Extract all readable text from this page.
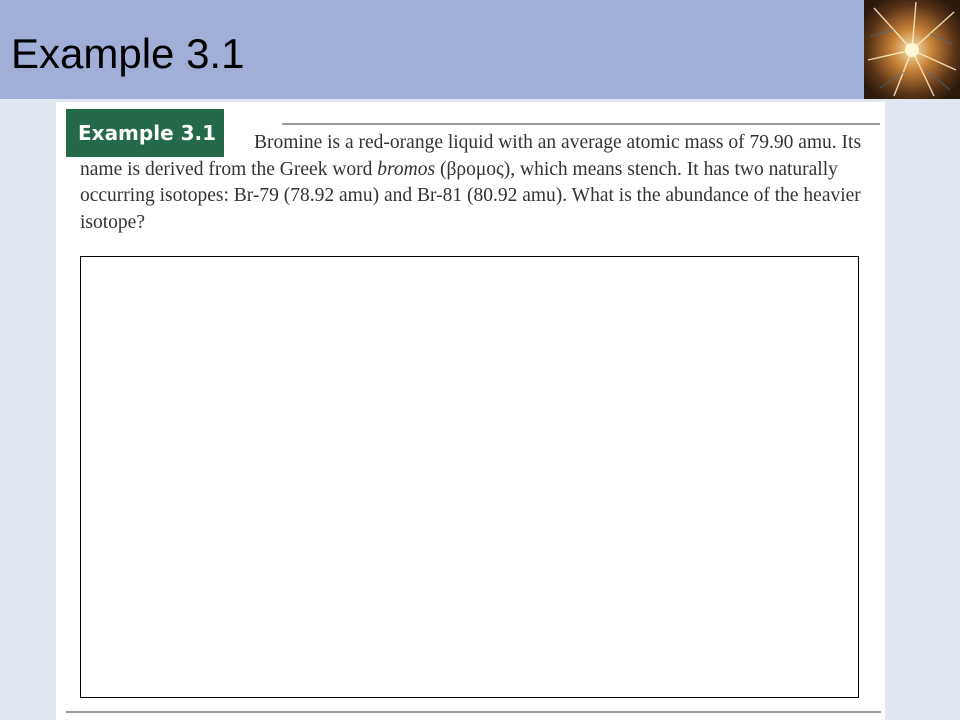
Example 3.1
Example 3.1	Bromine is a red-orange liquid with an average atomic mass of 79.90 amu. Its name is derived from the Greek word bromos (βρομος), which means stench. It has two naturally occurring isotopes: Br-79 (78.92 amu) and Br-81 (80.92 amu). What is the abundance of the heavier isotope?
